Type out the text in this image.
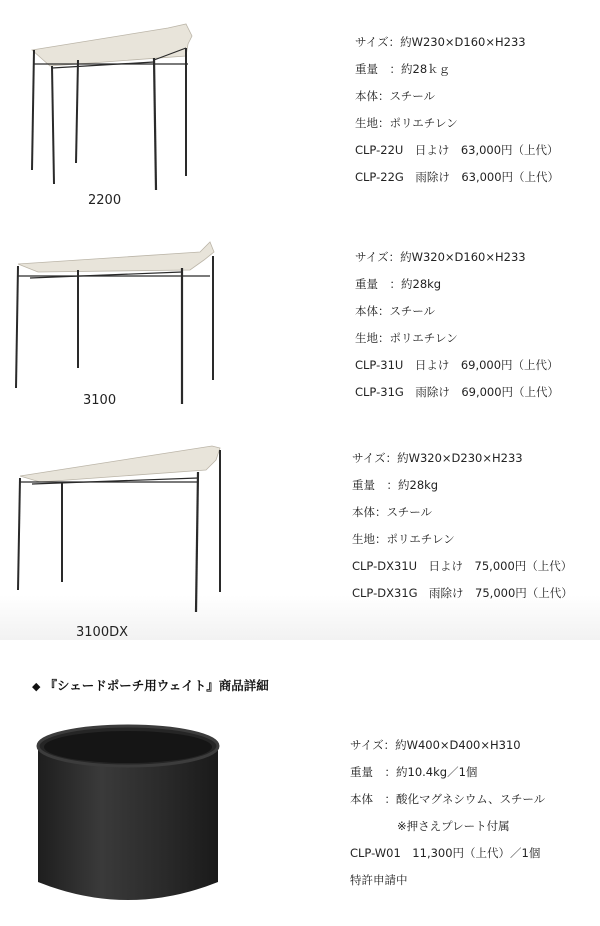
2200
サイズ：約W230×D160×H233
重量　：約28ｋｇ
本体：スチール
生地：ポリエチレン
CLP-22U　日よけ　63,000円（上代）
CLP-22G　雨除け　63,000円（上代）
3100
サイズ：約W320×D160×H233
重量　：約28kg
本体：スチール
生地：ポリエチレン
CLP-31U　日よけ　69,000円（上代）
CLP-31G　雨除け　69,000円（上代）
3100DX
サイズ：約W320×D230×H233
重量　：約28kg
本体：スチール
生地：ポリエチレン
CLP-DX31U　日よけ　75,000円（上代）
CLP-DX31G　雨除け　75,000円（上代）
◆ 『シェードポーチ用ウェイト』商品詳細
サイズ：約W400×D400×H310
重量　：約10.4kg／1個
本体　：酸化マグネシウム、スチール
※押さえプレート付属
CLP-W01　11,300円（上代）／1個
特許申請中
